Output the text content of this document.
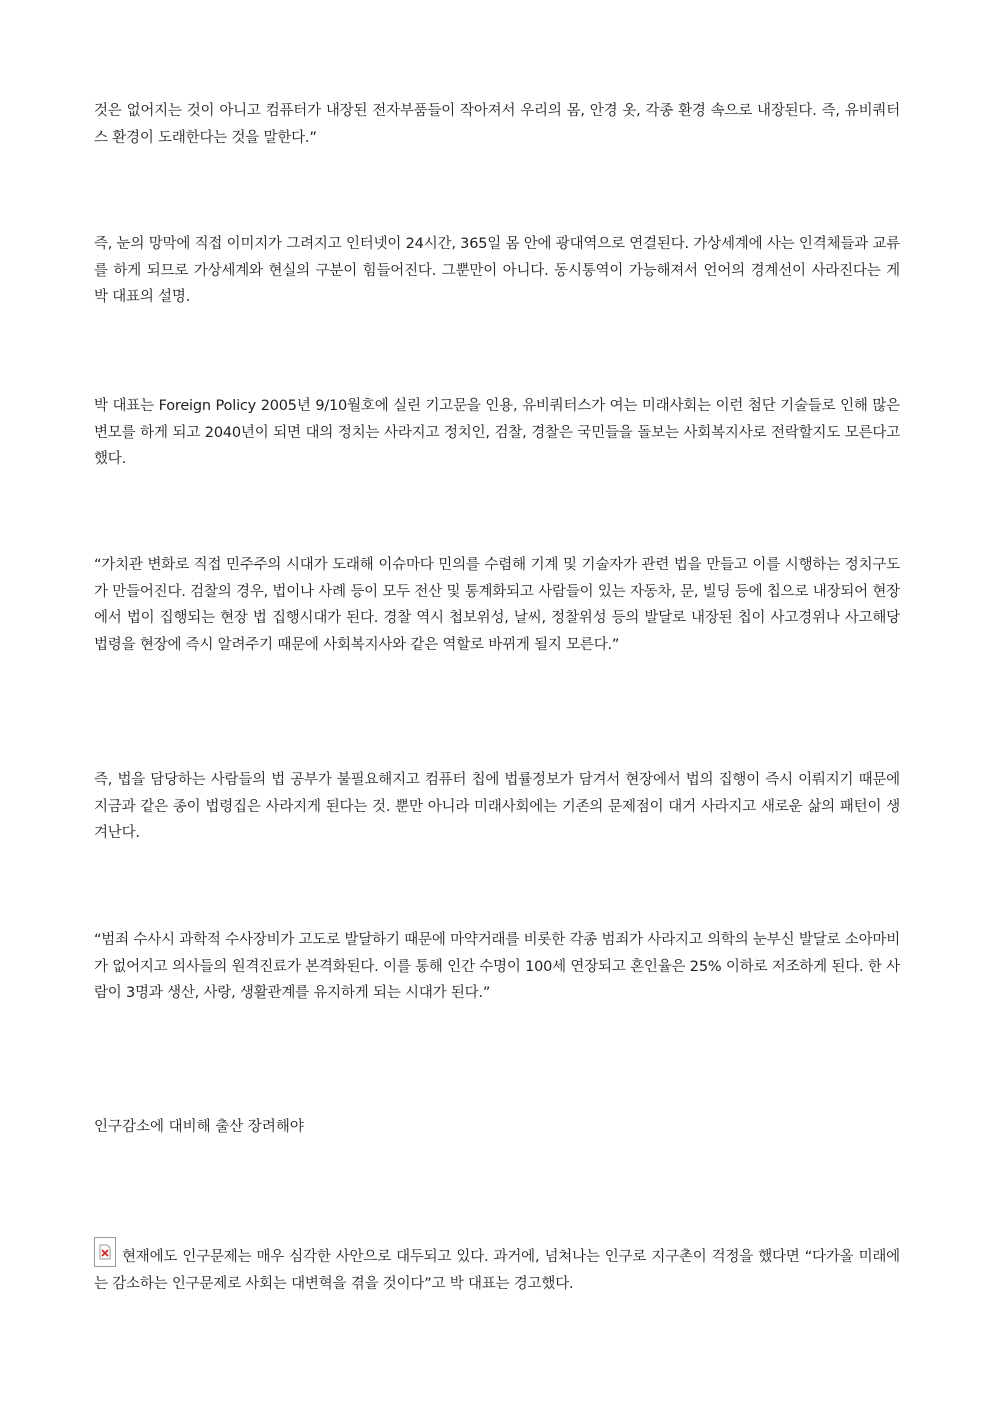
것은 없어지는 것이 아니고 컴퓨터가 내장된 전자부품들이 작아져서 우리의 몸, 안경 옷, 각종 환경 속으로 내장된다. 즉, 유비쿼터스 환경이 도래한다는 것을 말한다.”

즉, 눈의 망막에 직접 이미지가 그려지고 인터넷이 24시간, 365일 몸 안에 광대역으로 연결된다. 가상세계에 사는 인격체들과 교류를 하게 되므로 가상세계와 현실의 구분이 힘들어진다. 그뿐만이 아니다. 동시통역이 가능해져서 언어의 경계선이 사라진다는 게 박 대표의 설명.

박 대표는 Foreign Policy 2005년 9/10월호에 실린 기고문을 인용, 유비쿼터스가 여는 미래사회는 이런 첨단 기술들로 인해 많은 변모를 하게 되고 2040년이 되면 대의 정치는 사라지고 정치인, 검찰, 경찰은 국민들을 돌보는 사회복지사로 전락할지도 모른다고 했다.

“가치관 변화로 직접 민주주의 시대가 도래해 이슈마다 민의를 수렴해 기계 및 기술자가 관련 법을 만들고 이를 시행하는 정치구도가 만들어진다. 검찰의 경우, 법이나 사례 등이 모두 전산 및 통계화되고 사람들이 있는 자동차, 문, 빌딩 등에 칩으로 내장되어 현장에서 법이 집행되는 현장 법 집행시대가 된다. 경찰 역시 첩보위성, 날씨, 정찰위성 등의 발달로 내장된 칩이 사고경위나 사고해당 법령을 현장에 즉시 알려주기 때문에 사회복지사와 같은 역할로 바뀌게 될지 모른다.”

즉, 법을 담당하는 사람들의 법 공부가 불필요해지고 컴퓨터 칩에 법률정보가 담겨서 현장에서 법의 집행이 즉시 이뤄지기 때문에 지금과 같은 종이 법령집은 사라지게 된다는 것. 뿐만 아니라 미래사회에는 기존의 문제점이 대거 사라지고 새로운 삶의 패턴이 생겨난다.

“범죄 수사시 과학적 수사장비가 고도로 발달하기 때문에 마약거래를 비롯한 각종 범죄가 사라지고 의학의 눈부신 발달로 소아마비가 없어지고 의사들의 원격진료가 본격화된다. 이를 통해 인간 수명이 100세 연장되고 혼인율은 25% 이하로 저조하게 된다. 한 사람이 3명과 생산, 사랑, 생활관계를 유지하게 되는 시대가 된다.”

인구감소에 대비해 출산 장려해야

현재에도 인구문제는 매우 심각한 사안으로 대두되고 있다. 과거에, 넘쳐나는 인구로 지구촌이 걱정을 했다면 “다가올 미래에는 감소하는 인구문제로 사회는 대변혁을 겪을 것이다”고 박 대표는 경고했다.
